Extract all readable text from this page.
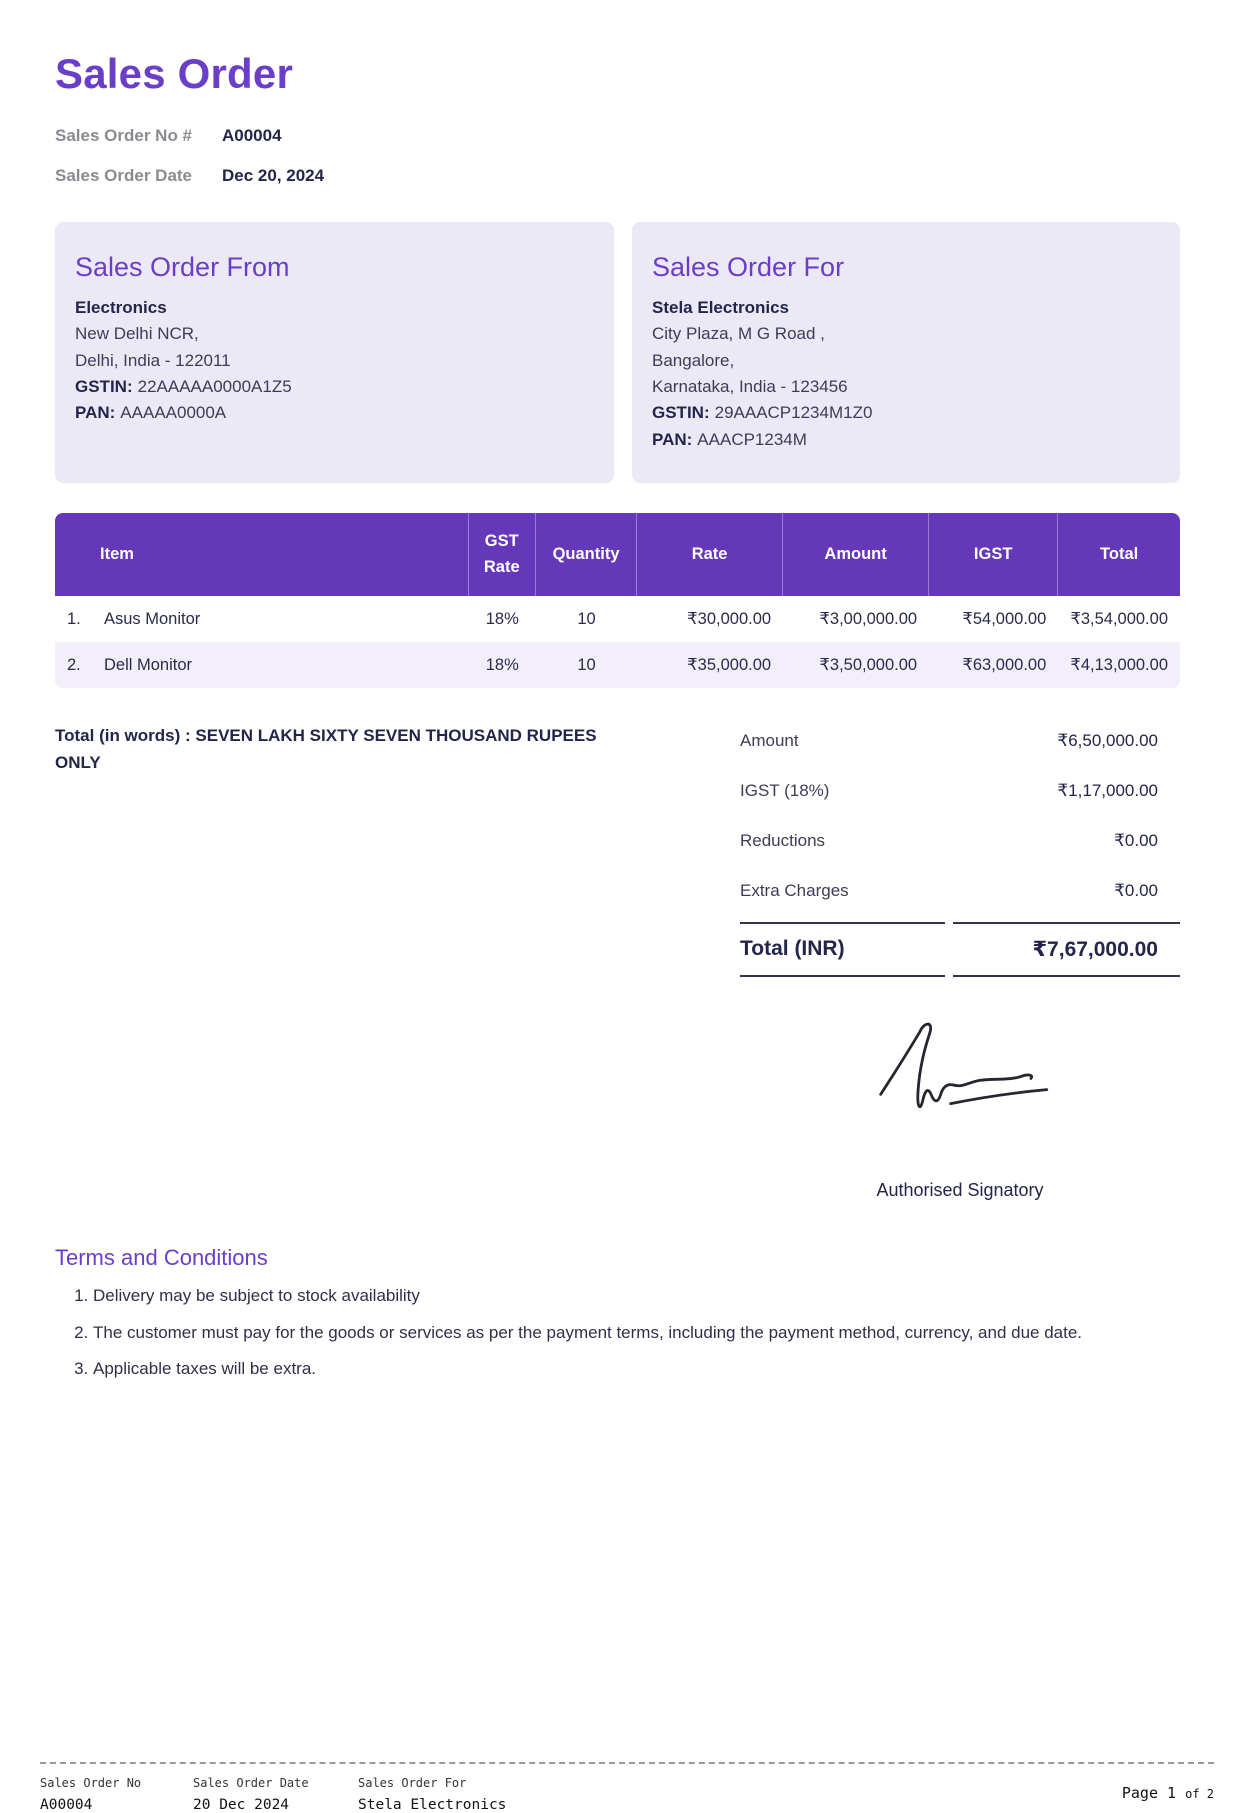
Sales Order
Sales Order No #	A00004
Sales Order Date	Dec 20, 2024
Sales Order From
Electronics
New Delhi NCR,
Delhi, India - 122011
GSTIN: 22AAAAA0000A1Z5
PAN: AAAAA0000A
Sales Order For
Stela Electronics
City Plaza, M G Road ,
Bangalore,
Karnataka, India - 123456
GSTIN: 29AAACP1234M1Z0
PAN: AAACP1234M
Item	GST Rate	Quantity	Rate	Amount	IGST	Total
1. Asus Monitor	18%	10	₹30,000.00	₹3,00,000.00	₹54,000.00	₹3,54,000.00
2. Dell Monitor	18%	10	₹35,000.00	₹3,50,000.00	₹63,000.00	₹4,13,000.00
Total (in words) : SEVEN LAKH SIXTY SEVEN THOUSAND RUPEES ONLY
Amount	₹6,50,000.00
IGST (18%)	₹1,17,000.00
Reductions	₹0.00
Extra Charges	₹0.00
Total (INR)	₹7,67,000.00
Authorised Signatory
Terms and Conditions
1. Delivery may be subject to stock availability
2. The customer must pay for the goods or services as per the payment terms, including the payment method, currency, and due date.
3. Applicable taxes will be extra.
Sales Order No
A00004
Sales Order Date
20 Dec 2024
Sales Order For
Stela Electronics
Page 1 of 2
